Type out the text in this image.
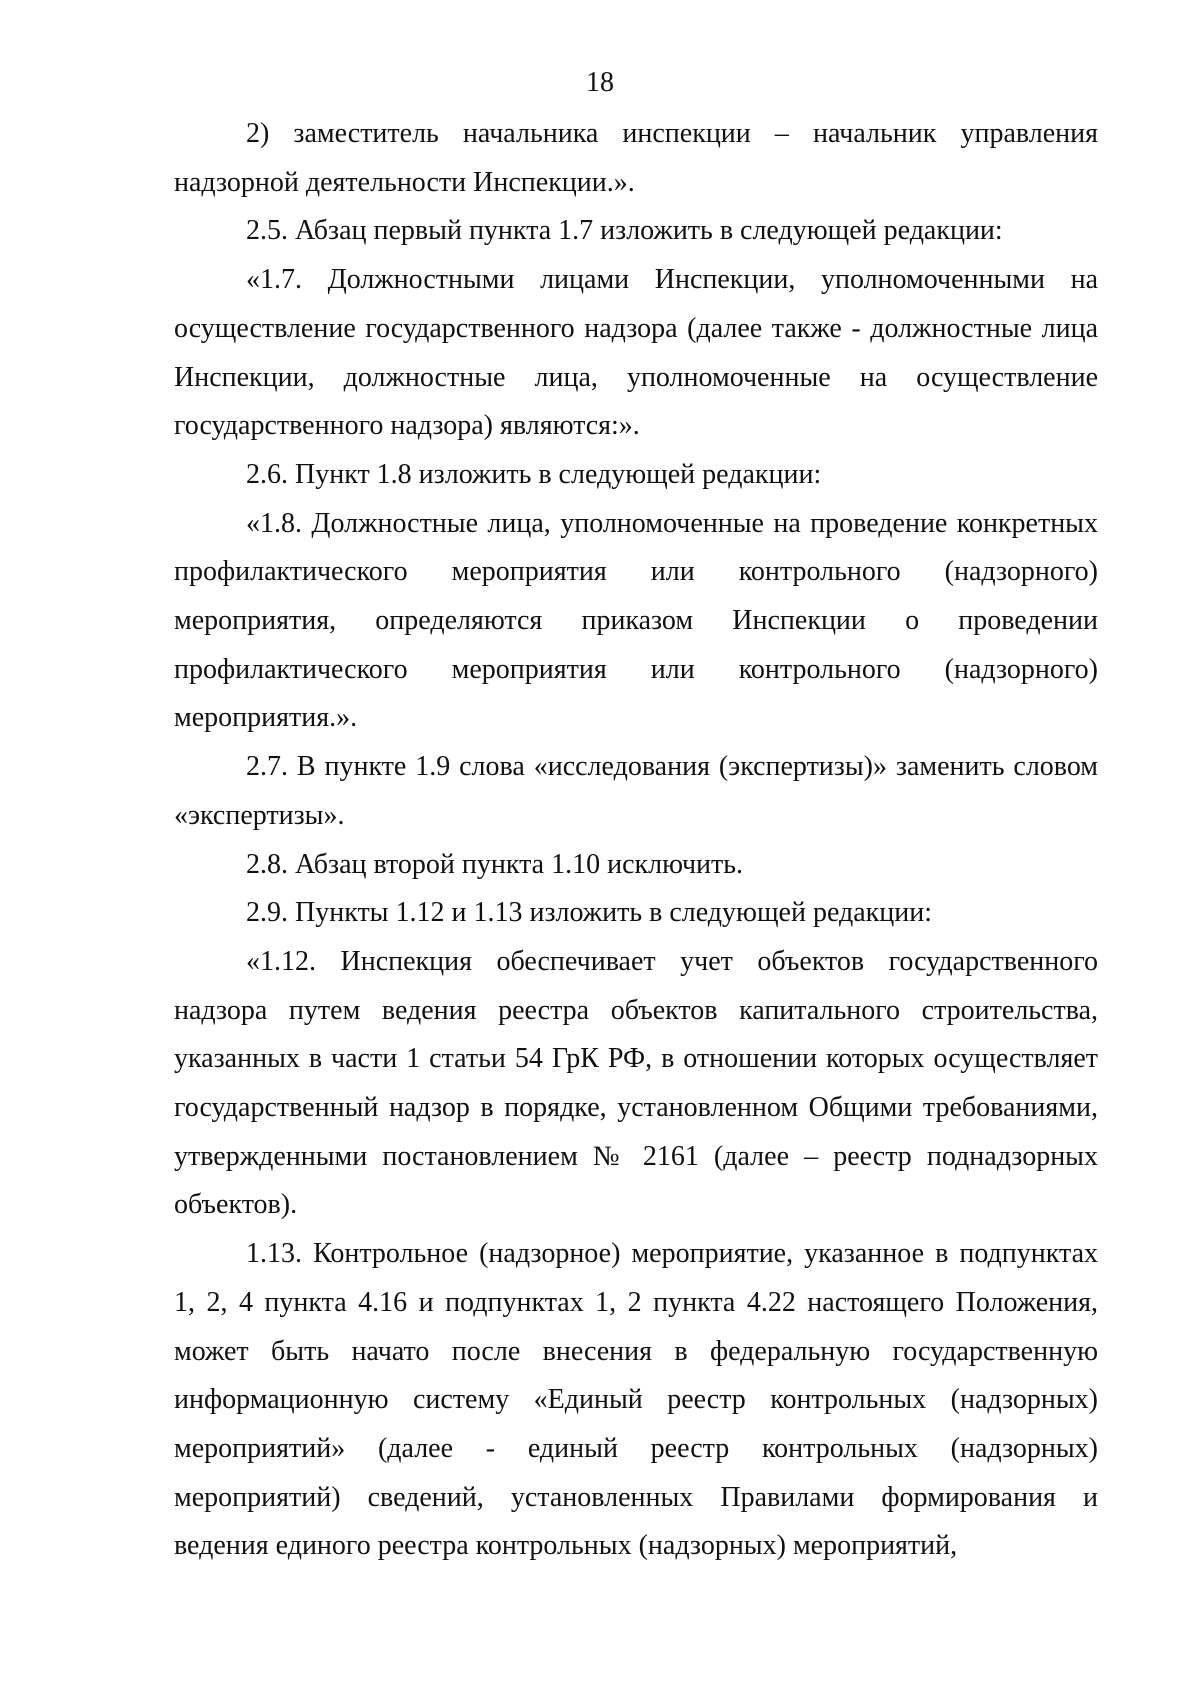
18

2) заместитель начальника инспекции – начальник управления надзорной деятельности Инспекции.».

2.5. Абзац первый пункта 1.7 изложить в следующей редакции:

«1.7. Должностными лицами Инспекции, уполномоченными на осуществление государственного надзора (далее также - должностные лица Инспекции, должностные лица, уполномоченные на осуществление государственного надзора) являются:».

2.6. Пункт 1.8 изложить в следующей редакции:

«1.8. Должностные лица, уполномоченные на проведение конкретных профилактического мероприятия или контрольного (надзорного) мероприятия, определяются приказом Инспекции о проведении профилактического мероприятия или контрольного (надзорного) мероприятия.».

2.7. В пункте 1.9 слова «исследования (экспертизы)» заменить словом «экспертизы».

2.8. Абзац второй пункта 1.10 исключить.

2.9. Пункты 1.12 и 1.13 изложить в следующей редакции:

«1.12. Инспекция обеспечивает учет объектов государственного надзора путем ведения реестра объектов капитального строительства, указанных в части 1 статьи 54 ГрК РФ, в отношении которых осуществляет государственный надзор в порядке, установленном Общими требованиями, утвержденными постановлением № 2161 (далее – реестр поднадзорных объектов).

1.13. Контрольное (надзорное) мероприятие, указанное в подпунктах 1, 2, 4 пункта 4.16 и подпунктах 1, 2 пункта 4.22 настоящего Положения, может быть начато после внесения в федеральную государственную информационную систему «Единый реестр контрольных (надзорных) мероприятий» (далее - единый реестр контрольных (надзорных) мероприятий) сведений, установленных Правилами формирования и ведения единого реестра контрольных (надзорных) мероприятий,
